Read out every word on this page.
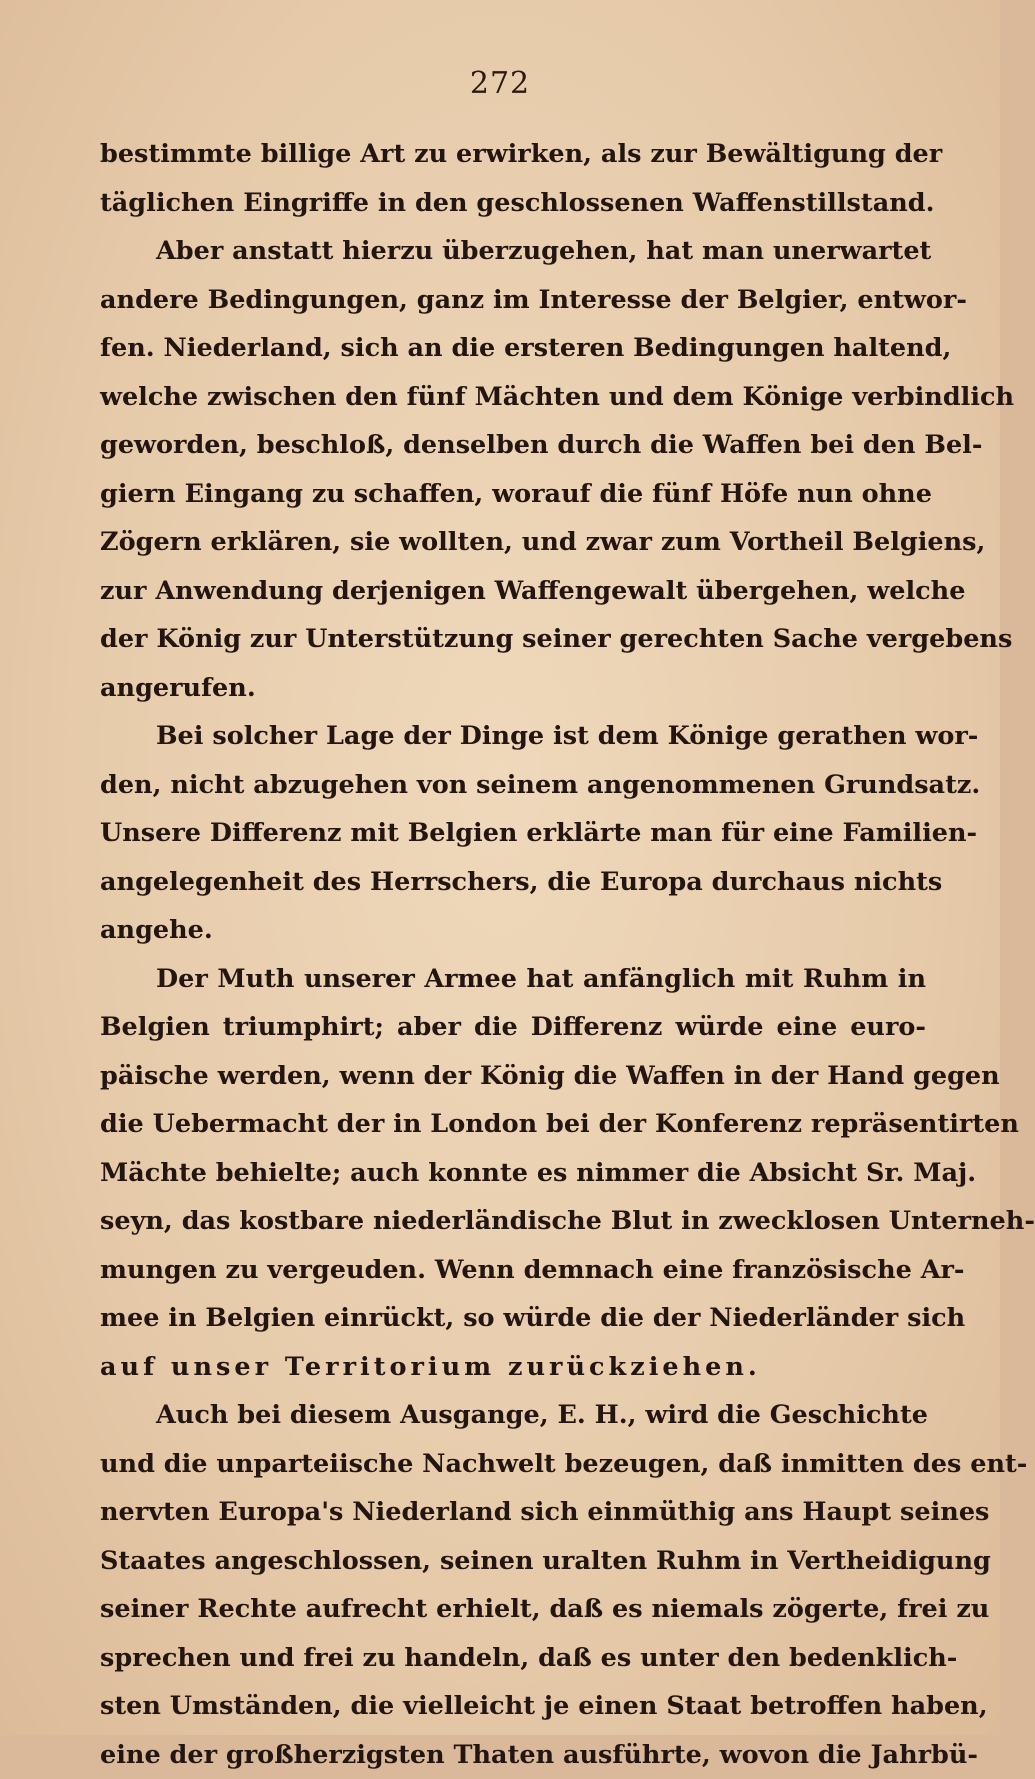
272
bestimmte billige Art zu erwirken, als zur Bewältigung der
täglichen Eingriffe in den geschlossenen Waffenstillstand.
Aber anstatt hierzu überzugehen, hat man unerwartet
andere Bedingungen, ganz im Interesse der Belgier, entwor-
fen. Niederland, sich an die ersteren Bedingungen haltend,
welche zwischen den fünf Mächten und dem Könige verbindlich
geworden, beschloß, denselben durch die Waffen bei den Bel-
giern Eingang zu schaffen, worauf die fünf Höfe nun ohne
Zögern erklären, sie wollten, und zwar zum Vortheil Belgiens,
zur Anwendung derjenigen Waffengewalt übergehen, welche
der König zur Unterstützung seiner gerechten Sache vergebens
angerufen.
Bei solcher Lage der Dinge ist dem Könige gerathen wor-
den, nicht abzugehen von seinem angenommenen Grundsatz.
Unsere Differenz mit Belgien erklärte man für eine Familien-
angelegenheit des Herrschers, die Europa durchaus nichts
angehe.
Der Muth unserer Armee hat anfänglich mit Ruhm in
Belgien triumphirt; aber die Differenz würde eine euro-
päische werden, wenn der König die Waffen in der Hand gegen
die Uebermacht der in London bei der Konferenz repräsentirten
Mächte behielte; auch konnte es nimmer die Absicht Sr. Maj.
seyn, das kostbare niederländische Blut in zwecklosen Unterneh-
mungen zu vergeuden. Wenn demnach eine französische Ar-
mee in Belgien einrückt, so würde die der Niederländer sich
auf unser Territorium zurückziehen.
Auch bei diesem Ausgange, E. H., wird die Geschichte
und die unparteiische Nachwelt bezeugen, daß inmitten des ent-
nervten Europa's Niederland sich einmüthig ans Haupt seines
Staates angeschlossen, seinen uralten Ruhm in Vertheidigung
seiner Rechte aufrecht erhielt, daß es niemals zögerte, frei zu
sprechen und frei zu handeln, daß es unter den bedenklich-
sten Umständen, die vielleicht je einen Staat betroffen haben,
eine der großherzigsten Thaten ausführte, wovon die Jahrbü-
